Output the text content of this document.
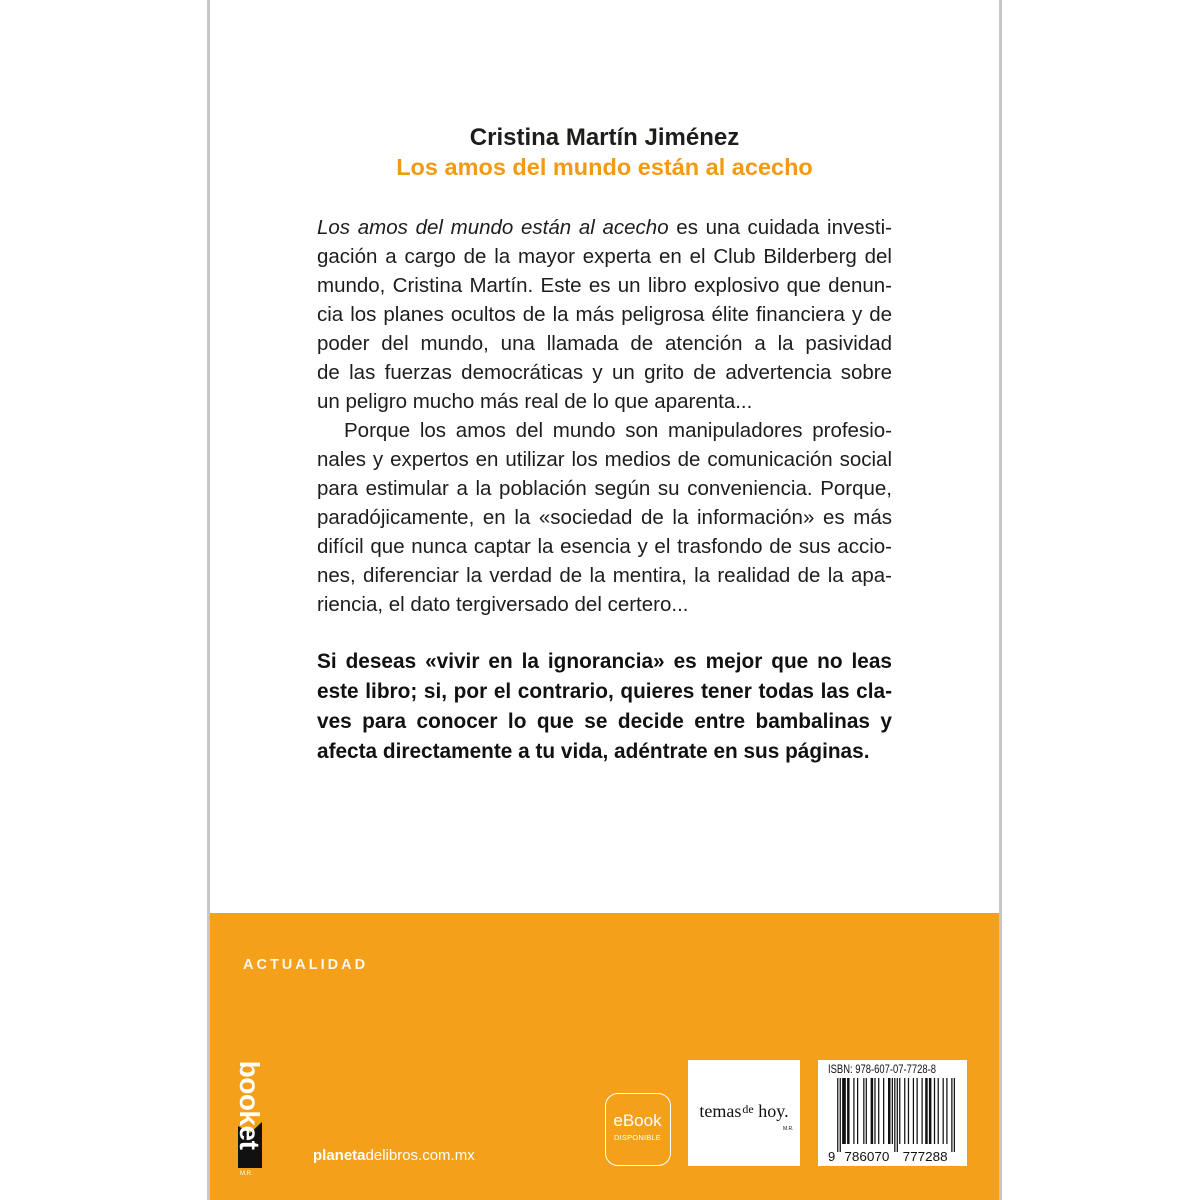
Cristina Martín Jiménez
Los amos del mundo están al acecho
Los amos del mundo están al acecho es una cuidada investi-
gación a cargo de la mayor experta en el Club Bilderberg del
mundo, Cristina Martín. Este es un libro explosivo que denun-
cia los planes ocultos de la más peligrosa élite financiera y de
poder del mundo, una llamada de atención a la pasividad
de las fuerzas democráticas y un grito de advertencia sobre
un peligro mucho más real de lo que aparenta...
Porque los amos del mundo son manipuladores profesio-
nales y expertos en utilizar los medios de comunicación social
para estimular a la población según su conveniencia. Porque,
paradójicamente, en la «sociedad de la información» es más
difícil que nunca captar la esencia y el trasfondo de sus accio-
nes, diferenciar la verdad de la mentira, la realidad de la apa-
riencia, el dato tergiversado del certero...
Si deseas «vivir en la ignorancia» es mejor que no leas
este libro; si, por el contrario, quieres tener todas las cla-
ves para conocer lo que se decide entre bambalinas y
afecta directamente a tu vida, adéntrate en sus páginas.
ACTUALIDAD
booket
M.R.
planetadelibros.com.mx
eBook
DISPONIBLE
temas$^{de}$ hoy.
M.R.
ISBN: 978-607-07-7728-8
9 786070 777288
